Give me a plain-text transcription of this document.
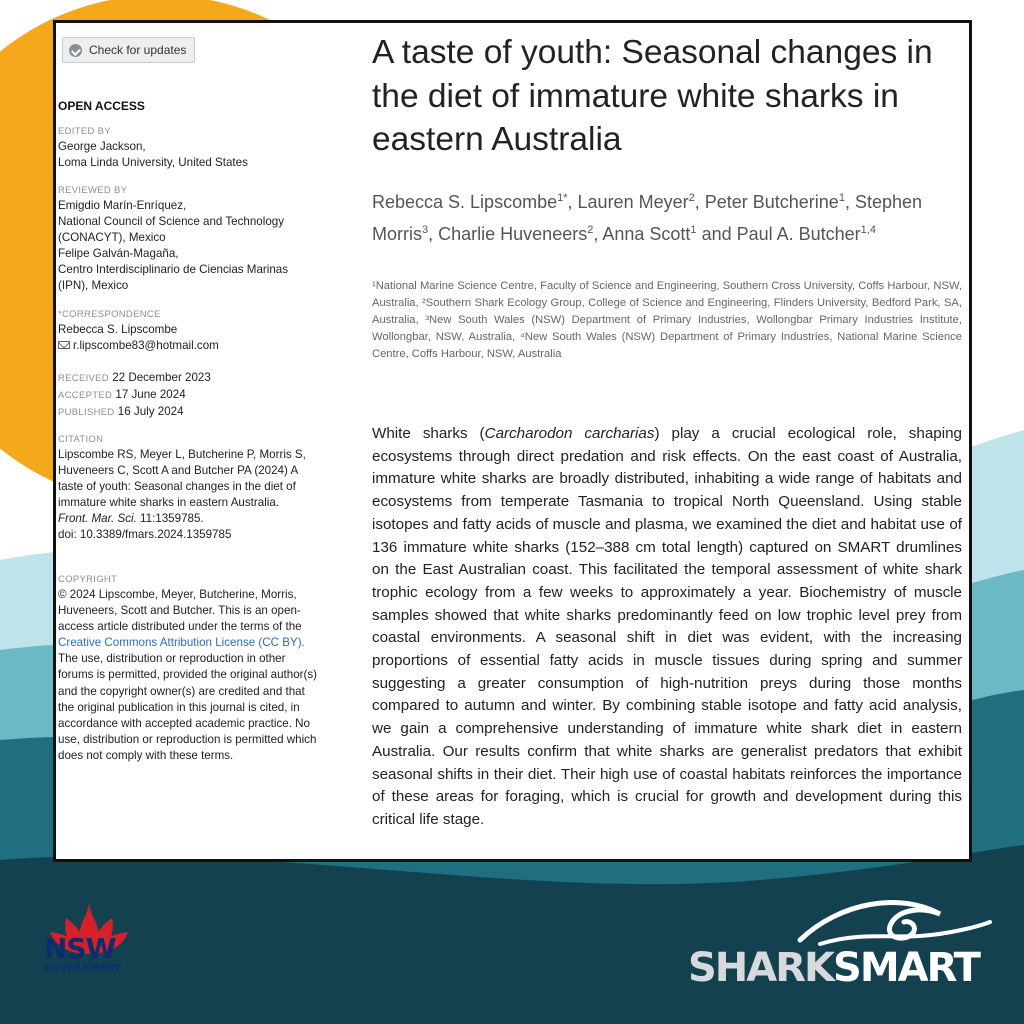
Check for updates
OPEN ACCESS
EDITED BY
George Jackson,
Loma Linda University, United States
REVIEWED BY
Emigdio Marín-Enríquez,
National Council of Science and Technology
(CONACYT), Mexico
Felipe Galván-Magaña,
Centro Interdisciplinario de Ciencias Marinas
(IPN), Mexico
*CORRESPONDENCE
Rebecca S. Lipscombe
r.lipscombe83@hotmail.com
RECEIVED 22 December 2023
ACCEPTED 17 June 2024
PUBLISHED 16 July 2024
CITATION
Lipscombe RS, Meyer L, Butcherine P, Morris S, Huveneers C, Scott A and Butcher PA (2024) A taste of youth: Seasonal changes in the diet of immature white sharks in eastern Australia.
Front. Mar. Sci. 11:1359785.
doi: 10.3389/fmars.2024.1359785
COPYRIGHT
© 2024 Lipscombe, Meyer, Butcherine, Morris, Huveneers, Scott and Butcher. This is an open-access article distributed under the terms of the Creative Commons Attribution License (CC BY). The use, distribution or reproduction in other forums is permitted, provided the original author(s) and the copyright owner(s) are credited and that the original publication in this journal is cited, in accordance with accepted academic practice. No use, distribution or reproduction is permitted which does not comply with these terms.
A taste of youth: Seasonal changes in the diet of immature white sharks in eastern Australia
Rebecca S. Lipscombe$^{1*}$, Lauren Meyer$^2$, Peter Butcherine$^1$, Stephen Morris$^3$, Charlie Huveneers$^2$, Anna Scott$^1$ and Paul A. Butcher$^{1,4}$
¹National Marine Science Centre, Faculty of Science and Engineering, Southern Cross University, Coffs Harbour, NSW, Australia, ²Southern Shark Ecology Group, College of Science and Engineering, Flinders University, Bedford Park, SA, Australia, ³New South Wales (NSW) Department of Primary Industries, Wollongbar Primary Industries Institute, Wollongbar, NSW, Australia, ⁴New South Wales (NSW) Department of Primary Industries, National Marine Science Centre, Coffs Harbour, NSW, Australia
White sharks (Carcharodon carcharias) play a crucial ecological role, shaping ecosystems through direct predation and risk effects. On the east coast of Australia, immature white sharks are broadly distributed, inhabiting a wide range of habitats and ecosystems from temperate Tasmania to tropical North Queensland. Using stable isotopes and fatty acids of muscle and plasma, we examined the diet and habitat use of 136 immature white sharks (152–388 cm total length) captured on SMART drumlines on the East Australian coast. This facilitated the temporal assessment of white shark trophic ecology from a few weeks to approximately a year. Biochemistry of muscle samples showed that white sharks predominantly feed on low trophic level prey from coastal environments. A seasonal shift in diet was evident, with the increasing proportions of essential fatty acids in muscle tissues during spring and summer suggesting a greater consumption of high-nutrition preys during those months compared to autumn and winter. By combining stable isotope and fatty acid analysis, we gain a comprehensive understanding of immature white shark diet in eastern Australia. Our results confirm that white sharks are generalist predators that exhibit seasonal shifts in their diet. Their high use of coastal habitats reinforces the importance of these areas for foraging, which is crucial for growth and development during this critical life stage.
NSW
GOVERNMENT	SHARKSMART
